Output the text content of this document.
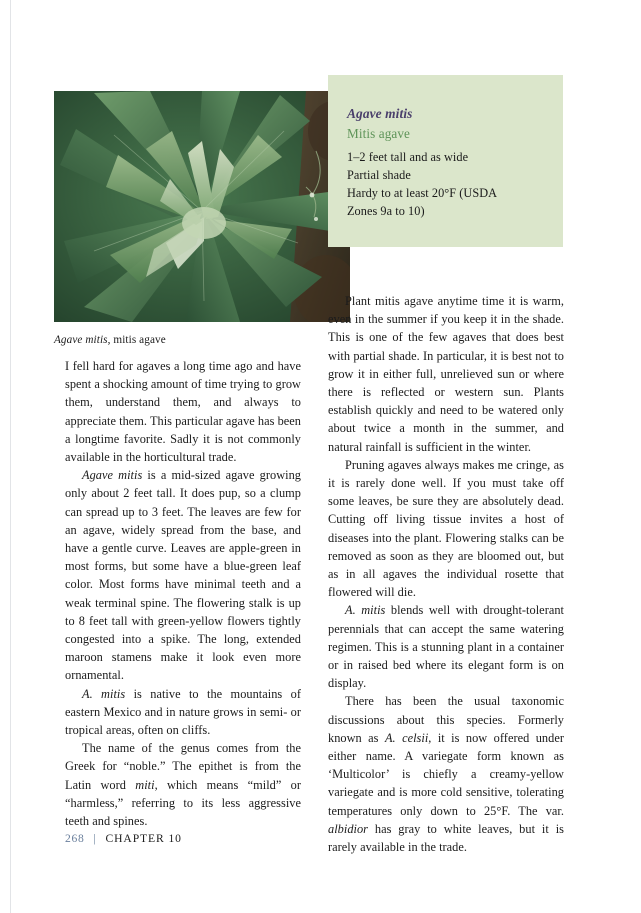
Agave mitis, mitis agave

Agave mitis

Mitis agave

1–2 feet tall and as wide

Partial shade

Hardy to at least 20°F (USDA

Zones 9a to 10)

I fell hard for agaves a long time ago and have spent a shocking amount of time trying to grow them, understand them, and always to appreciate them. This particular agave has been a longtime favorite. Sadly it is not commonly available in the horticultural trade.

Agave mitis is a mid-sized agave growing only about 2 feet tall. It does pup, so a clump can spread up to 3 feet. The leaves are few for an agave, widely spread from the base, and have a gentle curve. Leaves are apple-green in most forms, but some have a blue-green leaf color. Most forms have minimal teeth and a weak terminal spine. The flowering stalk is up to 8 feet tall with green-yellow flowers tightly congested into a spike. The long, extended maroon stamens make it look even more ornamental.

A. mitis is native to the mountains of eastern Mexico and in nature grows in semi- or tropical areas, often on cliffs.

The name of the genus comes from the Greek for “noble.” The epithet is from the Latin word miti, which means “mild” or “harmless,” referring to its less aggressive teeth and spines.

Plant mitis agave anytime time it is warm, even in the summer if you keep it in the shade. This is one of the few agaves that does best with partial shade. In particular, it is best not to grow it in either full, unrelieved sun or where there is reflected or western sun. Plants establish quickly and need to be watered only about twice a month in the summer, and natural rainfall is sufficient in the winter.

Pruning agaves always makes me cringe, as it is rarely done well. If you must take off some leaves, be sure they are absolutely dead. Cutting off living tissue invites a host of diseases into the plant. Flowering stalks can be removed as soon as they are bloomed out, but as in all agaves the individual rosette that flowered will die.

A. mitis blends well with drought-tolerant perennials that can accept the same watering regimen. This is a stunning plant in a container or in raised bed where its elegant form is on display.

There has been the usual taxonomic discussions about this species. Formerly known as A. celsii, it is now offered under either name. A variegate form known as ‘Multicolor’ is chiefly a creamy-yellow variegate and is more cold sensitive, tolerating temperatures only down to 25°F. The var. albidior has gray to white leaves, but it is rarely available in the trade.

268 | CHAPTER 10
